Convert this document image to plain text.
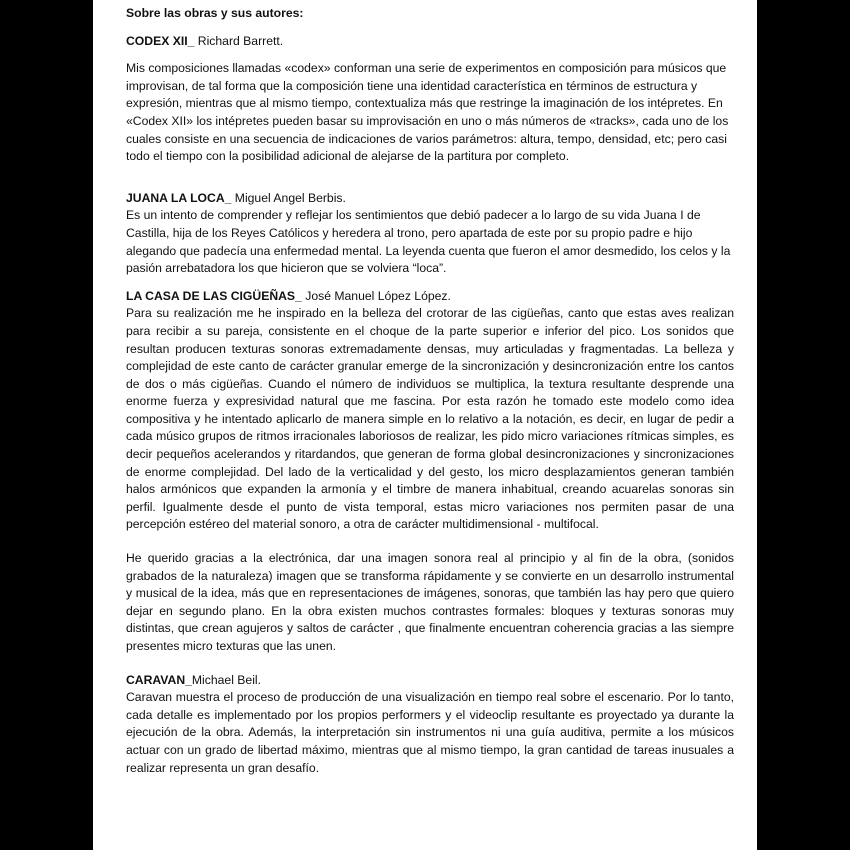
Sobre las obras y sus autores:

CODEX XII_ Richard Barrett.

Mis composiciones llamadas «codex» conforman una serie de experimentos en composición para músicos que improvisan, de tal forma que la composición tiene una identidad característica en términos de estructura y expresión, mientras que al mismo tiempo, contextualiza más que restringe la imaginación de los intépretes. En «Codex XII» los intépretes pueden basar su improvisación en uno o más números de «tracks», cada uno de los cuales consiste en una secuencia de indicaciones de varios parámetros: altura, tempo, densidad, etc; pero casi todo el tiempo con la posibilidad adicional de alejarse de la partitura por completo.

JUANA LA LOCA_ Miguel Angel Berbis.

Es un intento de comprender y reflejar los sentimientos que debió padecer a lo largo de su vida Juana I de Castilla, hija de los Reyes Católicos y heredera al trono, pero apartada de este por su propio padre e hijo alegando que padecía una enfermedad mental. La leyenda cuenta que fueron el amor desmedido, los celos y la pasión arrebatadora los que hicieron que se volviera “loca”.

LA CASA DE LAS CIGÜEÑAS_ José Manuel López López.

Para su realización me he inspirado en la belleza del crotorar de las cigüeñas, canto que estas aves realizan para recibir a su pareja, consistente en el choque de la parte superior e inferior del pico. Los sonidos que resultan producen texturas sonoras extremadamente densas, muy articuladas y fragmentadas. La belleza y complejidad de este canto de carácter granular emerge de la sincronización y desincronización entre los cantos de dos o más cigüeñas. Cuando el número de individuos se multiplica, la textura resultante desprende una enorme fuerza y expresividad natural que me fascina. Por esta razón he tomado este modelo como idea compositiva y he intentado aplicarlo de manera simple en lo relativo a la notación, es decir, en lugar de pedir a cada músico grupos de ritmos irracionales laboriosos de realizar, les pido micro variaciones rítmicas simples, es decir pequeños acelerandos y ritardandos, que generan de forma global desincronizaciones y sincronizaciones de enorme complejidad. Del lado de la verticalidad y del gesto, los micro desplazamientos generan también halos armónicos que expanden la armonía y el timbre de manera inhabitual, creando acuarelas sonoras sin perfil. Igualmente desde el punto de vista temporal, estas micro variaciones nos permiten pasar de una percepción estéreo del material sonoro, a otra de carácter multidimensional - multifocal.

He querido gracias a la electrónica, dar una imagen sonora real al principio y al fin de la obra, (sonidos grabados de la naturaleza) imagen que se transforma rápidamente y se convierte en un desarrollo instrumental y musical de la idea, más que en representaciones de imágenes, sonoras, que también las hay pero que quiero dejar en segundo plano. En la obra existen muchos contrastes formales: bloques y texturas sonoras muy distintas, que crean agujeros y saltos de carácter , que finalmente encuentran coherencia gracias a las siempre presentes micro texturas que las unen.

CARAVAN_Michael Beil.

Caravan muestra el proceso de producción de una visualización en tiempo real sobre el escenario. Por lo tanto, cada detalle es implementado por los propios performers y el videoclip resultante es proyectado ya durante la ejecución de la obra. Además, la interpretación sin instrumentos ni una guía auditiva, permite a los músicos actuar con un grado de libertad máximo, mientras que al mismo tiempo, la gran cantidad de tareas inusuales a realizar representa un gran desafío.
